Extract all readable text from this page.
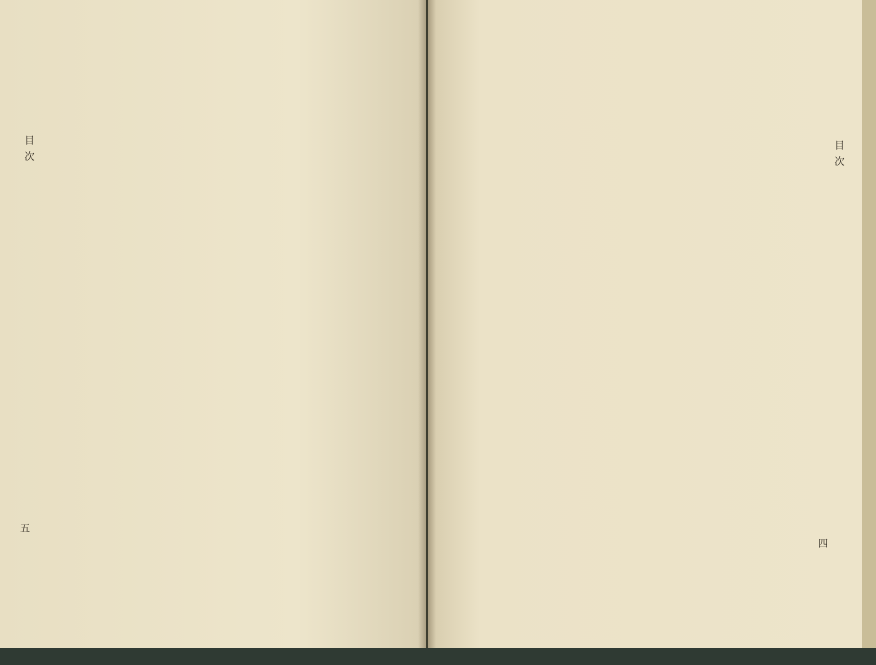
目次
五
目次
四
